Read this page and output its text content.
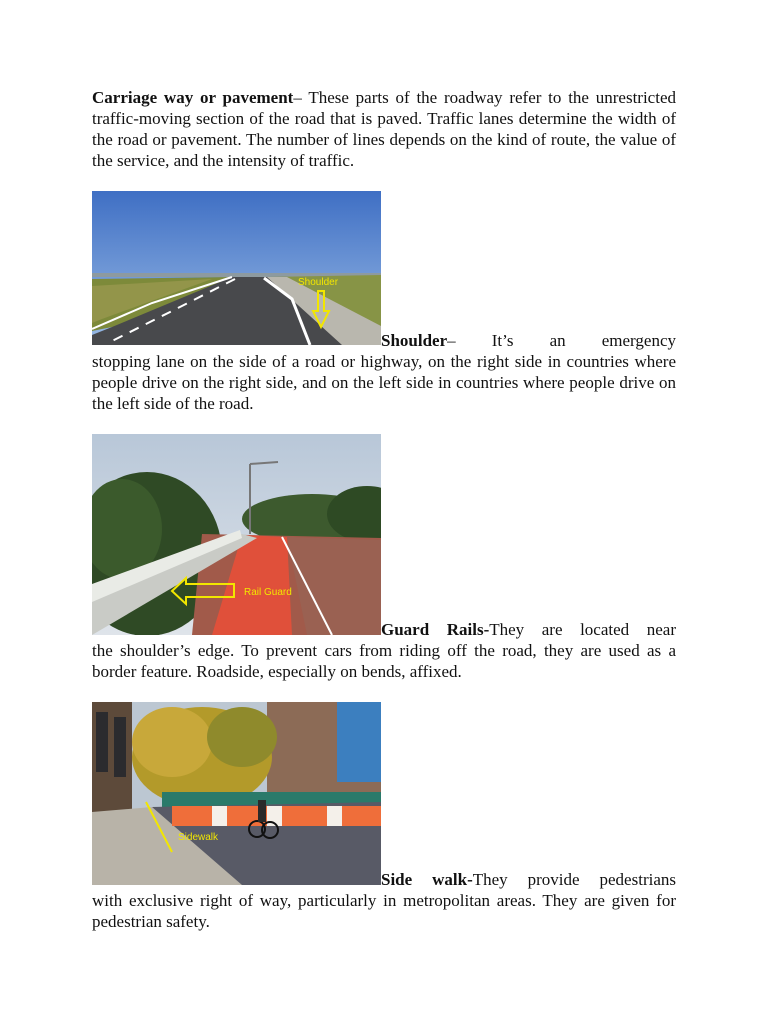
Carriage way or pavement– These parts of the roadway refer to the unrestricted traffic-moving section of the road that is paved. Traffic lanes determine the width of the road or pavement. The number of lines depends on the kind of route, the value of the service, and the intensity of traffic.

Shoulder

Shoulder– It’s an emergency

stopping lane on the side of a road or highway, on the right side in countries where people drive on the right side, and on the left side in countries where people drive on the left side of the road.

Rail Guard

Guard Rails-They are located near

the shoulder’s edge. To prevent cars from riding off the road, they are used as a border feature. Roadside, especially on bends, affixed.

Sidewalk

Side walk-They provide pedestrians

with exclusive right of way, particularly in metropolitan areas. They are given for pedestrian safety.
